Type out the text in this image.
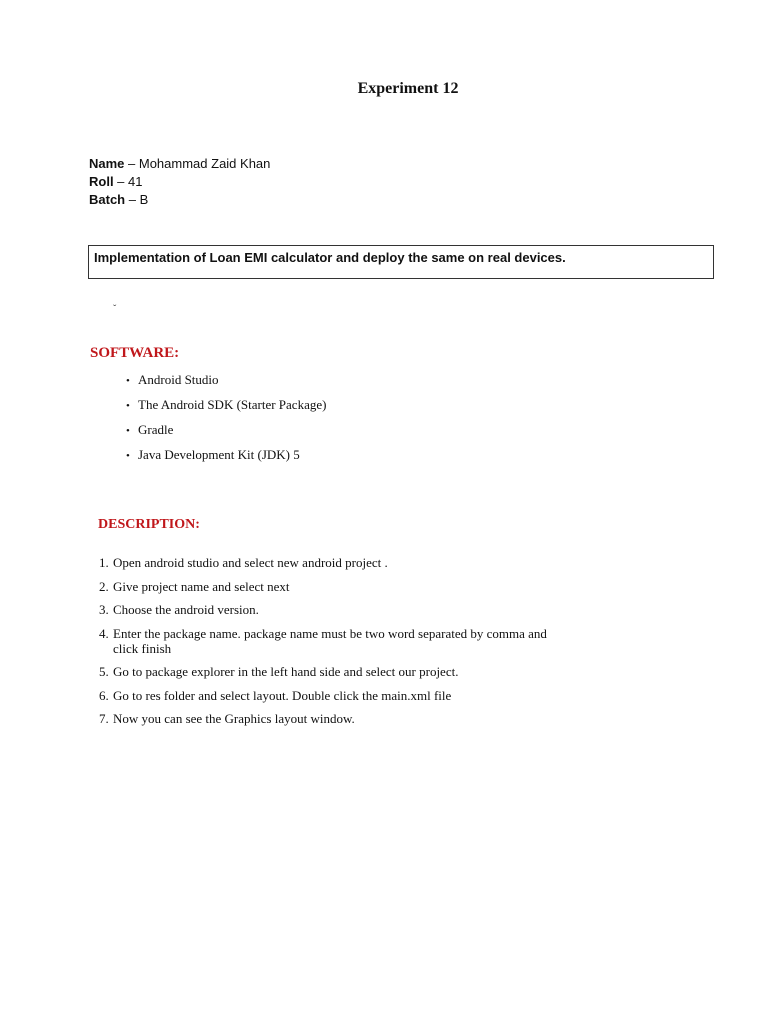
Experiment 12
Name – Mohammad Zaid Khan
Roll – 41
Batch – B
Implementation of Loan EMI calculator and deploy the same on real devices.
ˇ
SOFTWARE:
• Android Studio
• The Android SDK (Starter Package)
• Gradle
• Java Development Kit (JDK) 5
DESCRIPTION:
1. Open android studio and select new android project .
2. Give project name and select next
3. Choose the android version.
4. Enter the package name. package name must be two word separated by comma and
click finish
5. Go to package explorer in the left hand side and select our project.
6. Go to res folder and select layout. Double click the main.xml file
7. Now you can see the Graphics layout window.
